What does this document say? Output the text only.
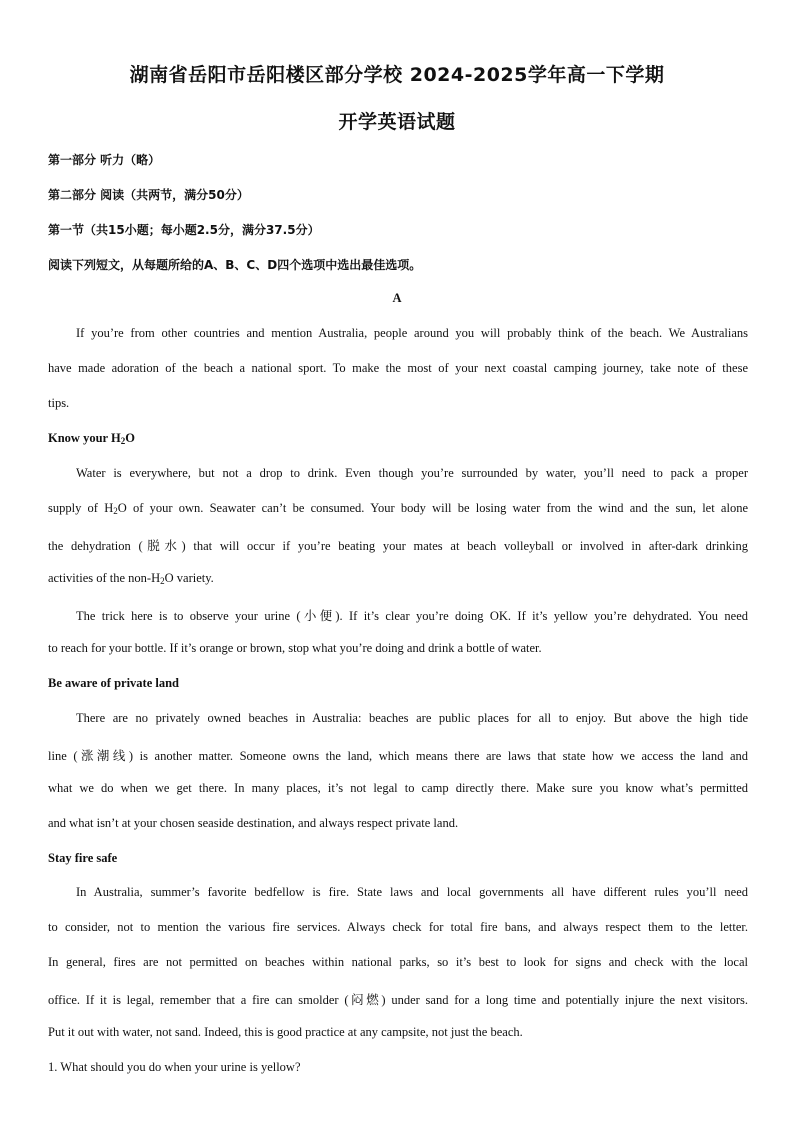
湖南省岳阳市岳阳楼区部分学校 2024-2025学年高一下学期
开学英语试题
第一部分 听力（略）
第二部分 阅读（共两节，满分50分）
第一节（共15小题；每小题2.5分，满分37.5分）
阅读下列短文，从每题所给的A、B、C、D四个选项中选出最佳选项。
A
If you’re from other countries and mention Australia, people around you will probably think of the beach. We Australians
have made adoration of the beach a national sport. To make the most of your next coastal camping journey, take note of these
tips.
Know your $H_2O$
Water is everywhere, but not a drop to drink. Even though you’re surrounded by water, you’ll need to pack a proper
supply of $H_2O$ of your own. Seawater can’t be consumed. Your body will be losing water from the wind and the sun, let alone
the dehydration (脱水) that will occur if you’re beating your mates at beach volleyball or involved in after-dark drinking
activities of the non-$H_2O$ variety.
The trick here is to observe your urine (小便). If it’s clear you’re doing OK. If it’s yellow you’re dehydrated. You need
to reach for your bottle. If it’s orange or brown, stop what you’re doing and drink a bottle of water.
Be aware of private land
There are no privately owned beaches in Australia: beaches are public places for all to enjoy. But above the high tide
line (涨潮线) is another matter. Someone owns the land, which means there are laws that state how we access the land and
what we do when we get there. In many places, it’s not legal to camp directly there. Make sure you know what’s permitted
and what isn’t at your chosen seaside destination, and always respect private land.
Stay fire safe
In Australia, summer’s favorite bedfellow is fire. State laws and local governments all have different rules you’ll need
to consider, not to mention the various fire services. Always check for total fire bans, and always respect them to the letter.
In general, fires are not permitted on beaches within national parks, so it’s best to look for signs and check with the local
office. If it is legal, remember that a fire can smolder (闷燃) under sand for a long time and potentially injure the next visitors.
Put it out with water, not sand. Indeed, this is good practice at any campsite, not just the beach.
1. What should you do when your urine is yellow?
